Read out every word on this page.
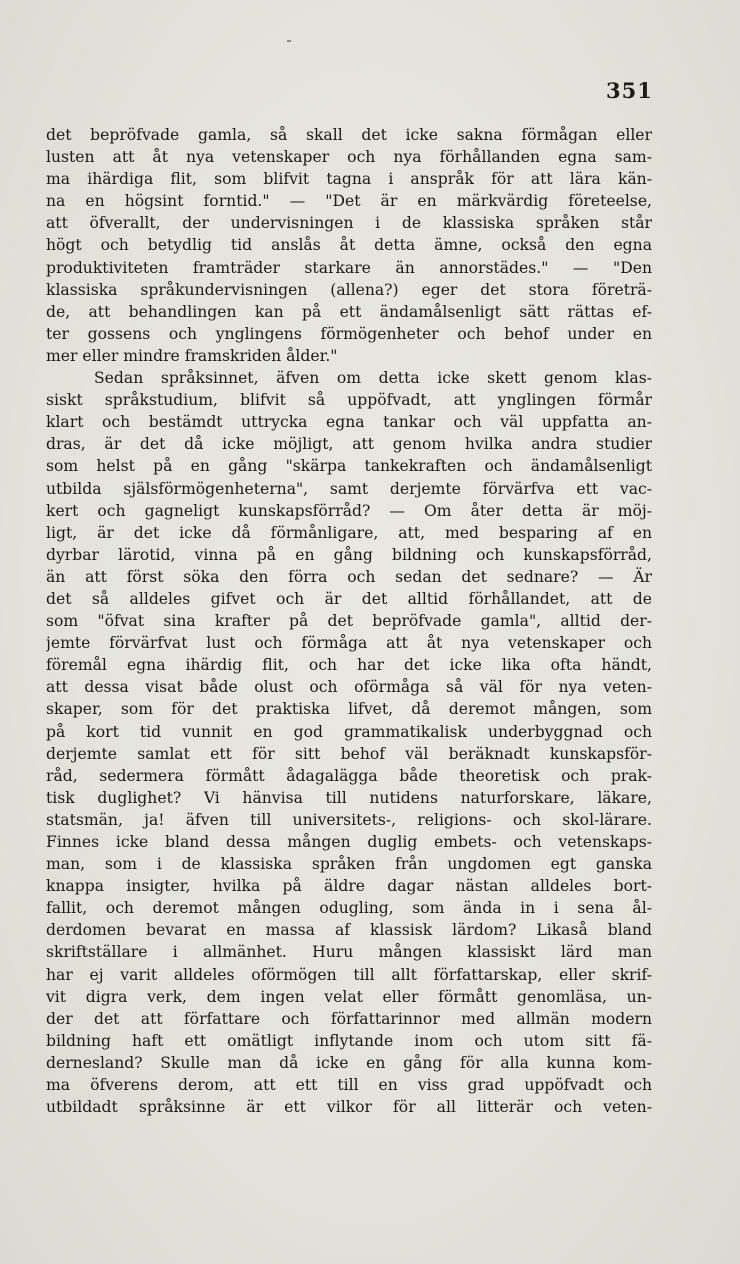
351
det bepröfvade gamla, så skall det icke sakna förmågan eller
lusten att åt nya vetenskaper och nya förhållanden egna sam-
ma ihärdiga flit, som blifvit tagna i anspråk för att lära kän-
na en högsint forntid." — "Det är en märkvärdig företeelse,
att öfverallt, der undervisningen i de klassiska språken står
högt och betydlig tid anslås åt detta ämne, också den egna
produktiviteten framträder starkare än annorstädes." — "Den
klassiska språkundervisningen (allena?) eger det stora företrä-
de, att behandlingen kan på ett ändamålsenligt sätt rättas ef-
ter gossens och ynglingens förmögenheter och behof under en
mer eller mindre framskriden ålder."
Sedan språksinnet, äfven om detta icke skett genom klas-
siskt språkstudium, blifvit så uppöfvadt, att ynglingen förmår
klart och bestämdt uttrycka egna tankar och väl uppfatta an-
dras, är det då icke möjligt, att genom hvilka andra studier
som helst på en gång "skärpa tankekraften och ändamålsenligt
utbilda själsförmögenheterna", samt derjemte förvärfva ett vac-
kert och gagneligt kunskapsförråd? — Om åter detta är möj-
ligt, är det icke då förmånligare, att, med besparing af en
dyrbar lärotid, vinna på en gång bildning och kunskapsförråd,
än att först söka den förra och sedan det sednare? — Är
det så alldeles gifvet och är det alltid förhållandet, att de
som "öfvat sina krafter på det bepröfvade gamla", alltid der-
jemte förvärfvat lust och förmåga att åt nya vetenskaper och
föremål egna ihärdig flit, och har det icke lika ofta händt,
att dessa visat både olust och oförmåga så väl för nya veten-
skaper, som för det praktiska lifvet, då deremot mången, som
på kort tid vunnit en god grammatikalisk underbyggnad och
derjemte samlat ett för sitt behof väl beräknadt kunskapsför-
råd, sedermera förmått ådagalägga både theoretisk och prak-
tisk duglighet? Vi hänvisa till nutidens naturforskare, läkare,
statsmän, ja! äfven till universitets-, religions- och skol-lärare.
Finnes icke bland dessa mången duglig embets- och vetenskaps-
man, som i de klassiska språken från ungdomen egt ganska
knappa insigter, hvilka på äldre dagar nästan alldeles bort-
fallit, och deremot mången odugling, som ända in i sena ål-
derdomen bevarat en massa af klassisk lärdom? Likaså bland
skriftställare i allmänhet. Huru mången klassiskt lärd man
har ej varit alldeles oförmögen till allt författarskap, eller skrif-
vit digra verk, dem ingen velat eller förmått genomläsa, un-
der det att författare och författarinnor med allmän modern
bildning haft ett omätligt inflytande inom och utom sitt fä-
dernesland? Skulle man då icke en gång för alla kunna kom-
ma öfverens derom, att ett till en viss grad uppöfvadt och
utbildadt språksinne är ett vilkor för all litterär och veten-
